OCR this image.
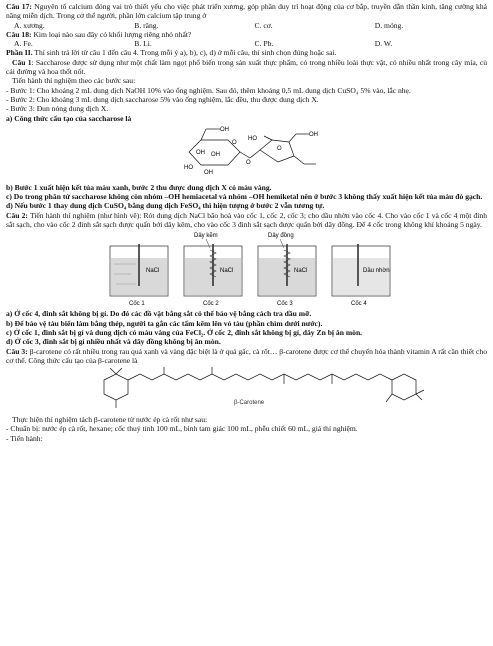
Câu 17: Nguyên tố calcium đóng vai trò thiết yếu cho việc phát triển xương, góp phần duy trì hoạt động của cơ bắp, truyền dẫn thần kinh, tăng cường khả năng miễn dịch. Trong cơ thể người, phần lớn calcium tập trung ở

A. xương.	B. răng.	C. cơ.	D. móng.

Câu 18: Kim loại nào sau đây có khối lượng riêng nhỏ nhất?

A. Fe.	B. Li.	C. Pb.	D. W.

Phần II. Thí sinh trả lời từ câu 1 đến câu 4. Trong mỗi ý a), b), c), d) ở mỗi câu, thí sinh chọn đúng hoặc sai.

Câu 1: Saccharose được sử dụng như một chất làm ngọt phổ biến trong sản xuất thực phẩm, có trong nhiều loài thực vật, có nhiều nhất trong cây mía, củ cải đường và hoa thốt nốt.

Tiến hành thí nghiệm theo các bước sau:

- Bước 1: Cho khoảng 2 mL dung dịch NaOH 10% vào ống nghiệm. Sau đó, thêm khoảng 0,5 mL dung dịch CuSO₄ 5% vào, lắc nhẹ.

- Bước 2: Cho khoảng 3 mL dung dịch saccharose 5% vào ống nghiệm, lắc đều, thu được dung dịch X.

- Bước 3: Đun nóng dung dịch X.

a) Công thức cấu tạo của saccharose là

OH
OH OH
HO
OH
O
O
HO
O
OH

b) Bước 1 xuất hiện kết tủa màu xanh, bước 2 thu được dung dịch X có màu vàng.

c) Do trong phân tử saccharose không còn nhóm –OH hemiacetal và nhóm –OH hemiketal nên ở bước 3 không thấy xuất hiện kết tủa màu đỏ gạch.

d) Nếu bước 1 thay dung dịch CuSO₄ bằng dung dịch FeSO₄ thì hiện tượng ở bước 2 vẫn tương tự.

Câu 2: Tiến hành thí nghiệm (như hình vẽ): Rót dung dịch NaCl bão hoà vào cốc 1, cốc 2, cốc 3; cho dầu nhờn vào cốc 4. Cho vào cốc 1 và cốc 4 một đinh sắt sạch, cho vào cốc 2 đinh sắt sạch được quấn bởi dây kẽm, cho vào cốc 3 đinh sắt sạch được quấn bởi dây đồng. Để 4 cốc trong không khí khoảng 5 ngày.

Dây kẽm	Dây đồng
NaCl	NaCl	NaCl	Dầu nhờn
Cốc 1	Cốc 2	Cốc 3	Cốc 4

a) Ở cốc 4, đinh sắt không bị gỉ. Do đó các đồ vật bằng sắt có thể bảo vệ bằng cách tra dầu mỡ.

b) Để bảo vệ tàu biển làm bằng thép, người ta gắn các tấm kẽm lên vỏ tàu (phần chìm dưới nước).

c) Ở cốc 1, đinh sắt bị gỉ và dung dịch có màu vàng của FeCl₂. Ở cốc 2, đinh sắt không bị gỉ, dây Zn bị ăn mòn.

d) Ở cốc 3, đinh sắt bị gỉ nhiều nhất và dây đồng không bị ăn mòn.

Câu 3: β-carotene có rất nhiều trong rau quả xanh và vàng đặc biệt là ở quả gấc, cà rốt… β-carotene được cơ thể chuyển hóa thành vitamin A rất cần thiết cho cơ thể. Công thức cấu tạo của β-carotene là

β-Carotene

Thực hiện thí nghiệm tách β-carotene từ nước ép cà rốt như sau:

- Chuẩn bị: nước ép cà rốt, hexane; cốc thuỷ tinh 100 mL, bình tam giác 100 mL, phễu chiết 60 mL, giá thí nghiệm.

- Tiến hành:
